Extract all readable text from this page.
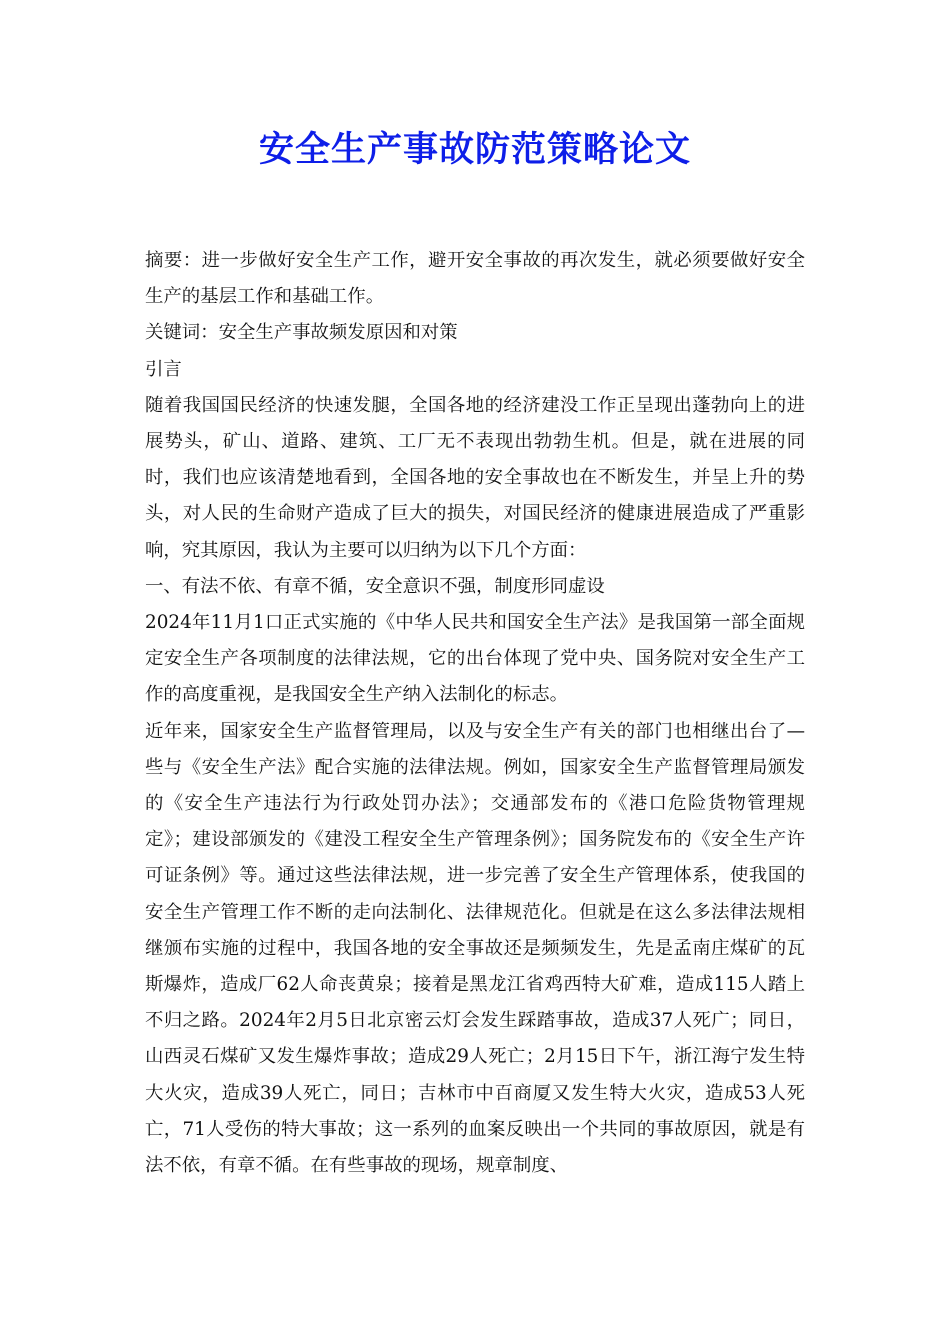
安全生产事故防范策略论文

摘要：进一步做好安全生产工作，避开安全事故的再次发生，就必须要做好安全生产的基层工作和基础工作。

关键词：安全生产事故频发原因和对策

引言

随着我国国民经济的快速发腿，全国各地的经济建没工作正呈现出蓬勃向上的进展势头，矿山、道路、建筑、工厂无不表现出勃勃生机。但是，就在进展的同时，我们也应该清楚地看到，全国各地的安全事故也在不断发生，并呈上升的势头，对人民的生命财产造成了巨大的损失，对国民经济的健康进展造成了严重影响，究其原因，我认为主要可以归纳为以下几个方面：

一、有法不依、有章不循，安全意识不强，制度形同虚设

2024年11月1口正式实施的《中华人民共和国安全生产法》是我国第一部全面规定安全生产各项制度的法律法规，它的出台体现了党中央、国务院对安全生产工作的高度重视，是我国安全生产纳入法制化的标志。

近年来，国家安全生产监督管理局，以及与安全生产有关的部门也相继出台了—些与《安全生产法》配合实施的法律法规。例如，国家安全生产监督管理局颁发的《安全生产违法行为行政处罚办法》；交通部发布的《港口危险货物管理规定》；建设部颁发的《建没工程安全生产管理条例》；国务院发布的《安全生产许可证条例》等。通过这些法律法规，进一步完善了安全生产管理体系，使我国的安全生产管理工作不断的走向法制化、法律规范化。但就是在这么多法律法规相继颁布实施的过程中，我国各地的安全事故还是频频发生，先是孟南庄煤矿的瓦斯爆炸，造成厂62人命丧黄泉；接着是黑龙江省鸡西特大矿难，造成115人踏上不归之路。2024年2月5日北京密云灯会发生踩踏事故，造成37人死广；同日，山西灵石煤矿又发生爆炸事故；造成29人死亡；2月15日下午，浙江海宁发生特大火灾，造成39人死亡，同日；吉林市中百商厦又发生特大火灾，造成53人死亡，71人受伤的特大事故；这一系列的血案反映出一个共同的事故原因，就是有法不依，有章不循。在有些事故的现场，规章制度、
